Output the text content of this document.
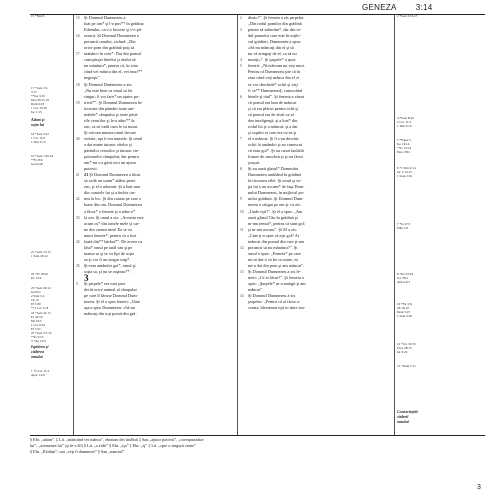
GENEZA 3:14
15 *Nm 8.
17 *Gen 3:1,
5:17
**Ge 3:19
Deu 30:15,19
Rom 6:23
1 Cor 15:56
Iac 1:15
Adam şi
soţia lui
18 *Gen 3:12
1 Cor 11:9
1 Tim 2:13
19 *Gen 1:20,24
**Ps 8:6
Gen 6:20
21 *Gen 15:12
1 Sam 26:12
22 *Pr 18:22
Ev 13:4
23 *Gen 29:14
Jud 9:2
2 Sam 5:1,
19:13
Ef 5:30
**1 Cor 11:8
24 *Gen 31:15
Ps 45:10
Mt 19:5
1 Cor 6:16
Ef 5:31
25 *Gen 3:7,10
**Is 52:5
3 *Ap 12:9
Ispitirea şi
căderea
omului
1 *2 Cor 11:3
Apoc 12:9
15 Şi Domnul Dumnezeu a
luat pe om* şi l-a pus** în grădina
Edenului, ca s-o lucreze şi s-o pă-
16 zească. Şi Domnul Dumnezeu a
poruncit omului, zicând: „Din
orice pom din grădină poţi să
17 mănânci în voie*. Dar din pomul
cunoştinţei binelui şi răului să
nu mănânci*, pentru că, în ziua
când vei mânca din el, vei muri**
negreşit”.
18 Şi Domnul Dumnezeu a zis:
„Nu este bine ca omul să fie
singur; îi voi face* un ajutor po-
19 trivit*”. Şi Domnul Dumnezeu în-
tocmise din pământ toate ani-
malele* câmpului şi toate păsă-
rile cerurilor şi le-a adus** la
om, ca să vadă cum le va numi.
Şi oricum numea omul fiecare
20 vietate, aşa îi era numele. Şi omul
a dat nume tuturor vitelor şi
păsărilor cerurilor şi tuturor vie-
ţuitoarelor câmpului; dar pentru
om* nu s-a găsit nici un ajutor
potrivit.
21 21 Şi Domnul Dumnezeu a făcut
să cadă un somn* adânc peste
om; şi el a adormit. Şi a luat una
din coastele lui şi a închis car-
22 nea la loc. Şi din coasta pe care o
luase din om, Domnul Dumnezeu
a făcut* o femeie şi a adus-o*
23 la om. Şi omul a zis: „Aceasta este
acum os* din oasele mele şi car-
ne din carnea mea! Ea se va
numi femeie*, pentru că a fost
24 luată din** bărbat*”. De aceea va
lăsa* omul pe tatăl său şi pe
mama sa şi se va lipi de soţia
sa şi vor fi un singur trup*.
25 Şi erau amândoi goi*, omul şi
soţia sa, şi nu se ruşinau**.
3
3 Şi şarpele* era mai şiret
decât orice animal al câmpului
pe care îl făcuse Domnul Dum-
nezeu. Şi el a spus femeii: „Oare
aşa a spus Dumnezeu: «Să nu
mâncaţi din toţi pomii din gră-
2 dină»?”. Şi femeia a zis şarpelui:
„Din rodul pomilor din grădină
3 putem să mâncăm*, dar din ro-
dul pomului care este în mijlo-
cul grădinii, Dumnezeu a spus:
«Să nu mâncaţi din el şi să
nu vă atingeţi de el, ca să nu
4 muriţi»”. Şi şarpele* a spus
5 femeii: „Nicidecum nu veţi muri.
Pentru că Dumnezeu ştie că în
ziua când veţi mânca din el vi
se vor deschide* ochii şi veţi
fi ca** Dumnezeu§, cunoscând
6 binele şi răul”. Şi femeia a văzut
că pomul era bun de mâncat
şi că era plăcut pentru ochi şi
că pomul era de dorit ca să
dea inteligenţă, şi a luat* din
rodul lui şi a mâncat; şi a dat
şi soţului ei care era cu ea şi
7 el a mâncat. Şi li s-au deschis
ochii la amândoi şi au cunoscut
că erau goi*. Şi au cusut laolaltă
frunze de smochin şi şi-au făcut
şorţuri.
8 Şi au auzit glasul* Domnului
Dumnezeu umblând în grădină
în răcoarea zilei. Şi omul şi so-
ţia lui s-au ascuns* de faţa Dom-
nului Dumnezeu, în mijlocul po-
9 milor grădinii. Şi Domnul Dum-
nezeu a strigat pe om şi i-a zis:
10 „Unde eşti?”. Şi el a spus: „Am
auzit glasul Tău în grădină şi
m-am temut*, pentru că sunt gol;
11 şi m-am ascuns”. Şi El a zis:
„Cine ţi-a spus că eşti gol? Ai
mâncat din pomul din care ţi-am
12 poruncit să nu mănânci?”. Şi
omul a spus: „Femeia* pe care
mi-ai dat-o să fie cu mine, ea
mi-a dat din pom şi am mâncat”.
13 Şi Domnul Dumnezeu a zis fe-
meii: „Ce ai făcut?”. Şi femeia a
spus: „Şarpele* m-a amăgit şi am
mâncat”.
14 Şi Domnul Dumnezeu a zis
şarpelui: „Pentru că ai făcut a-
ceasta, blestemat eşti tu între toa-
2 *Gen 2:16,17
4 *Ioan 8:44
2 Cor 11:3
1 Tim 2:14
5 *Fapte 5
Isa 14:14
**Is 14:14
Ezec 28:2
6 *1 Tim 2:14
Iac 1:14,15
1 Ioan 2:16
7 *Is 47:3
Plân 1:8
8 *Ier 23:24
Iov 38:1
Amos 9:3
10 *Ex 3:6,
20:18,19
Deut 5:25
1 Ioan 3:20
12 *Iov 31:33
Prov 28:13
Ier 2:22
13 *Rom 7:11
Consecinţele
căderii
omului
§ Ebr. „adam”. ‡ Lit. „mâncând vei mânca”, ebraism des întâlnit ‡ Sau „ajutor potrivit”, „corespunzător
lui”, „asemenea lui” (şi în v.20) § Lit. „a zidit” § Ebr. „işa” ‡ Ebr. „iş” ‡ Lit. „spre o singură carne”
§ Ebr. „Elohim”; sau „veţi fi dumnezei” § Sau „nanciul”
3
